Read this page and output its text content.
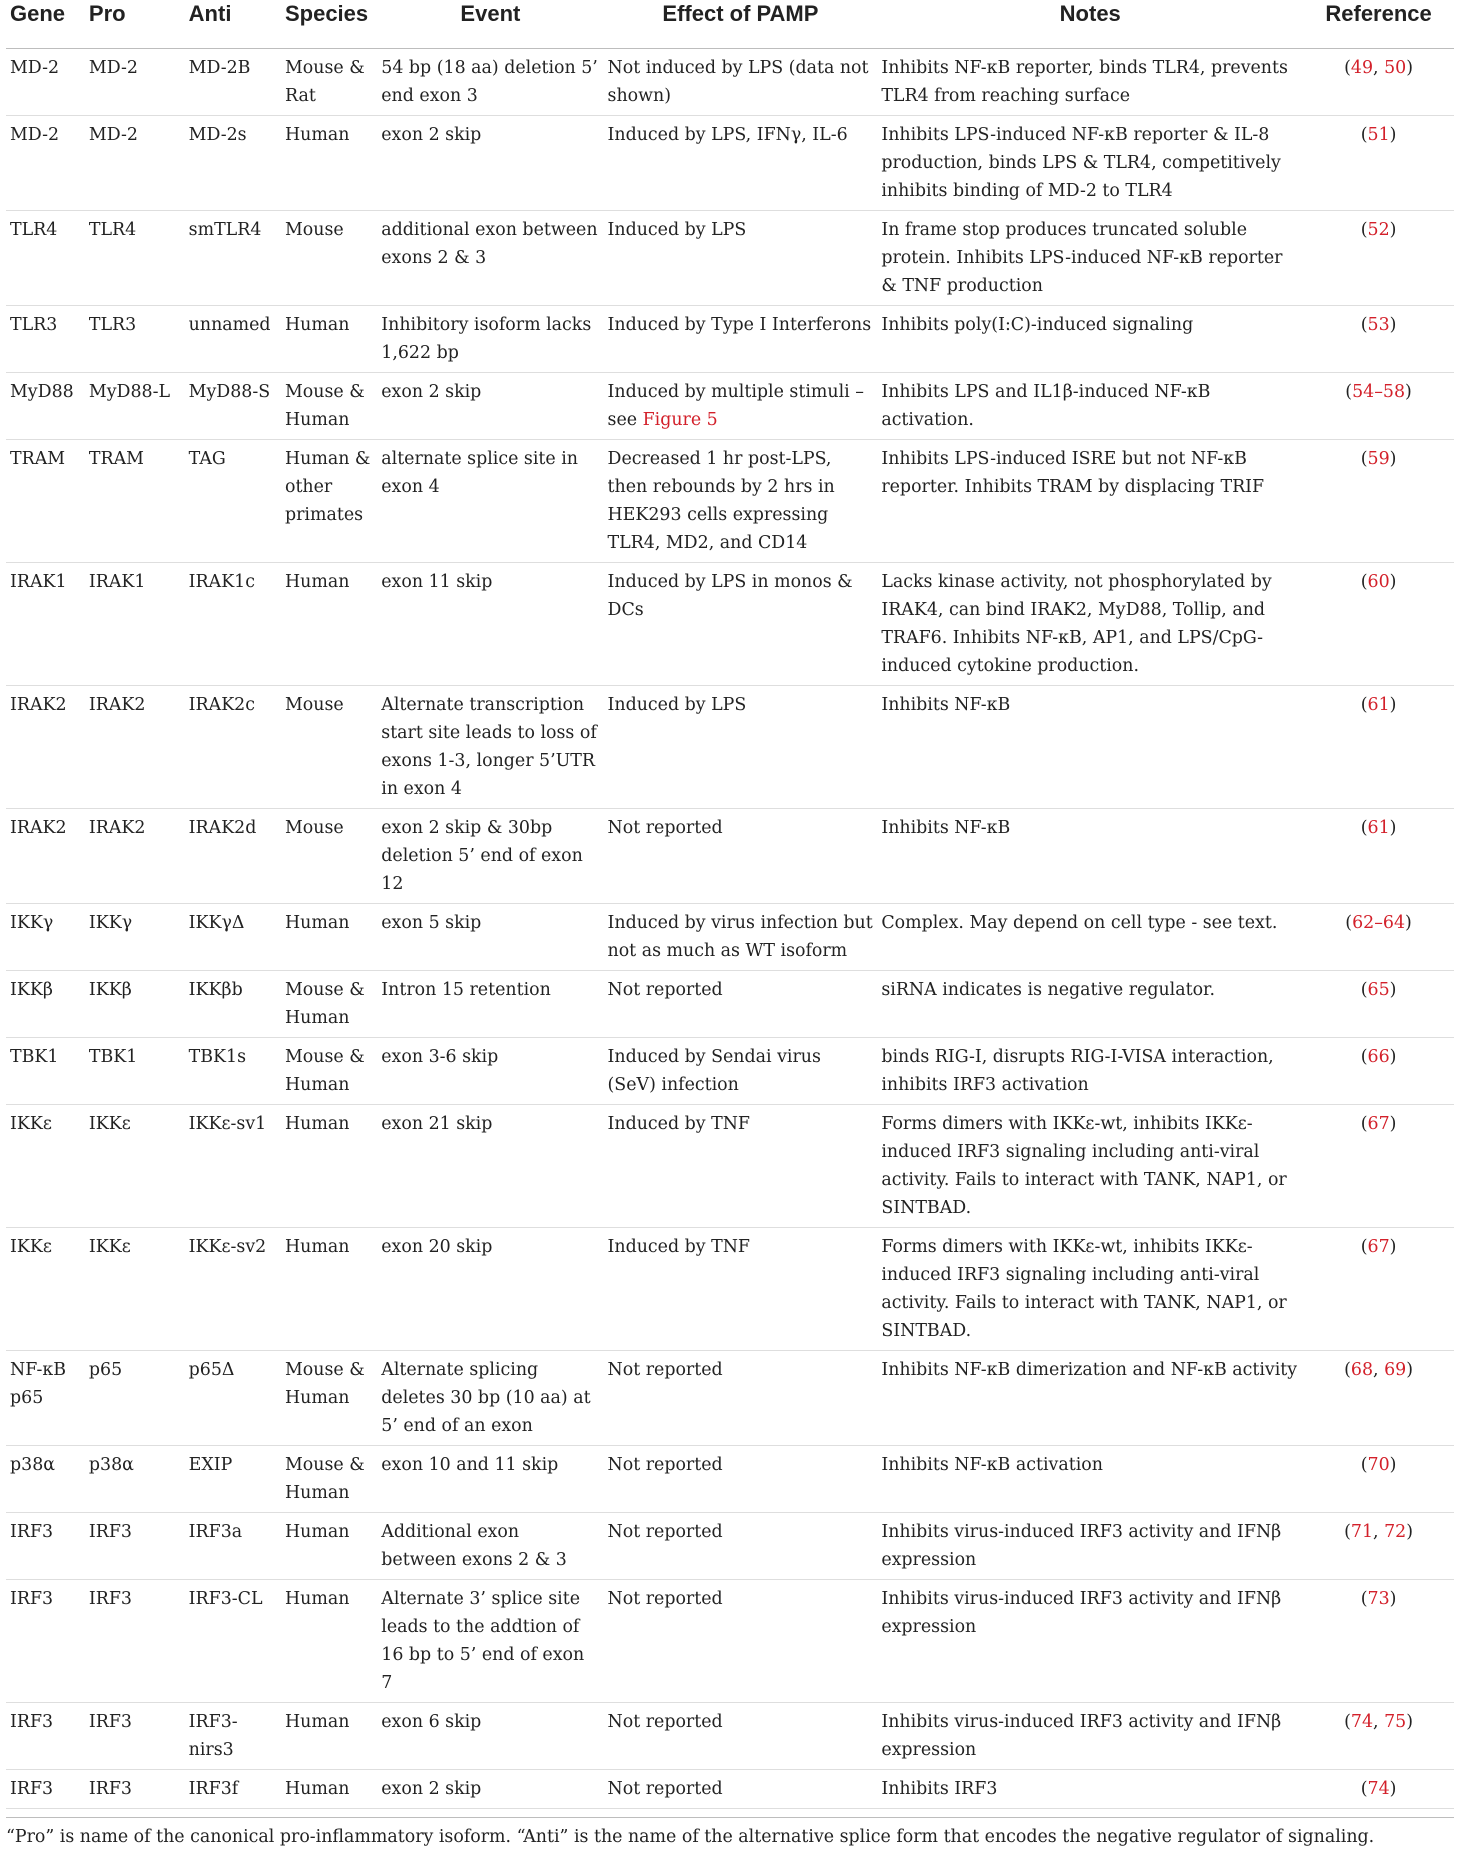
Gene	Pro	Anti	Species	Event	Effect of PAMP	Notes	Reference
MD-2	MD-2	MD-2B	Mouse & Rat	54 bp (18 aa) deletion 5’ end exon 3	Not induced by LPS (data not shown)	Inhibits NF-κB reporter, binds TLR4, prevents TLR4 from reaching surface	(49, 50)
MD-2	MD-2	MD-2s	Human	exon 2 skip	Induced by LPS, IFNγ, IL-6	Inhibits LPS-induced NF-κB reporter & IL-8 production, binds LPS & TLR4, competitively inhibits binding of MD-2 to TLR4	(51)
TLR4	TLR4	smTLR4	Mouse	additional exon between exons 2 & 3	Induced by LPS	In frame stop produces truncated soluble protein. Inhibits LPS-induced NF-κB reporter & TNF production	(52)
TLR3	TLR3	unnamed	Human	Inhibitory isoform lacks 1,622 bp	Induced by Type I Interferons	Inhibits poly(I:C)-induced signaling	(53)
MyD88	MyD88-L	MyD88-S	Mouse & Human	exon 2 skip	Induced by multiple stimuli – see Figure 5	Inhibits LPS and IL1β-induced NF-κB activation.	(54–58)
TRAM	TRAM	TAG	Human & other primates	alternate splice site in exon 4	Decreased 1 hr post-LPS, then rebounds by 2 hrs in HEK293 cells expressing TLR4, MD2, and CD14	Inhibits LPS-induced ISRE but not NF-κB reporter. Inhibits TRAM by displacing TRIF	(59)
IRAK1	IRAK1	IRAK1c	Human	exon 11 skip	Induced by LPS in monos & DCs	Lacks kinase activity, not phosphorylated by IRAK4, can bind IRAK2, MyD88, Tollip, and TRAF6. Inhibits NF-κB, AP1, and LPS/CpG-induced cytokine production.	(60)
IRAK2	IRAK2	IRAK2c	Mouse	Alternate transcription start site leads to loss of exons 1-3, longer 5’UTR in exon 4	Induced by LPS	Inhibits NF-κB	(61)
IRAK2	IRAK2	IRAK2d	Mouse	exon 2 skip & 30bp deletion 5’ end of exon 12	Not reported	Inhibits NF-κB	(61)
IKKγ	IKKγ	IKKγΔ	Human	exon 5 skip	Induced by virus infection but not as much as WT isoform	Complex. May depend on cell type - see text.	(62–64)
IKKβ	IKKβ	IKKβb	Mouse & Human	Intron 15 retention	Not reported	siRNA indicates is negative regulator.	(65)
TBK1	TBK1	TBK1s	Mouse & Human	exon 3-6 skip	Induced by Sendai virus (SeV) infection	binds RIG-I, disrupts RIG-I-VISA interaction, inhibits IRF3 activation	(66)
IKKε	IKKε	IKKε-sv1	Human	exon 21 skip	Induced by TNF	Forms dimers with IKKε-wt, inhibits IKKε-induced IRF3 signaling including anti-viral activity. Fails to interact with TANK, NAP1, or SINTBAD.	(67)
IKKε	IKKε	IKKε-sv2	Human	exon 20 skip	Induced by TNF	Forms dimers with IKKε-wt, inhibits IKKε-induced IRF3 signaling including anti-viral activity. Fails to interact with TANK, NAP1, or SINTBAD.	(67)
NF-κB p65	p65	p65Δ	Mouse & Human	Alternate splicing deletes 30 bp (10 aa) at 5’ end of an exon	Not reported	Inhibits NF-κB dimerization and NF-κB activity	(68, 69)
p38α	p38α	EXIP	Mouse & Human	exon 10 and 11 skip	Not reported	Inhibits NF-κB activation	(70)
IRF3	IRF3	IRF3a	Human	Additional exon between exons 2 & 3	Not reported	Inhibits virus-induced IRF3 activity and IFNβ expression	(71, 72)
IRF3	IRF3	IRF3-CL	Human	Alternate 3’ splice site leads to the addtion of 16 bp to 5’ end of exon 7	Not reported	Inhibits virus-induced IRF3 activity and IFNβ expression	(73)
IRF3	IRF3	IRF3-nirs3	Human	exon 6 skip	Not reported	Inhibits virus-induced IRF3 activity and IFNβ expression	(74, 75)
IRF3	IRF3	IRF3f	Human	exon 2 skip	Not reported	Inhibits IRF3	(74)
“Pro” is name of the canonical pro-inflammatory isoform. “Anti” is the name of the alternative splice form that encodes the negative regulator of signaling.
